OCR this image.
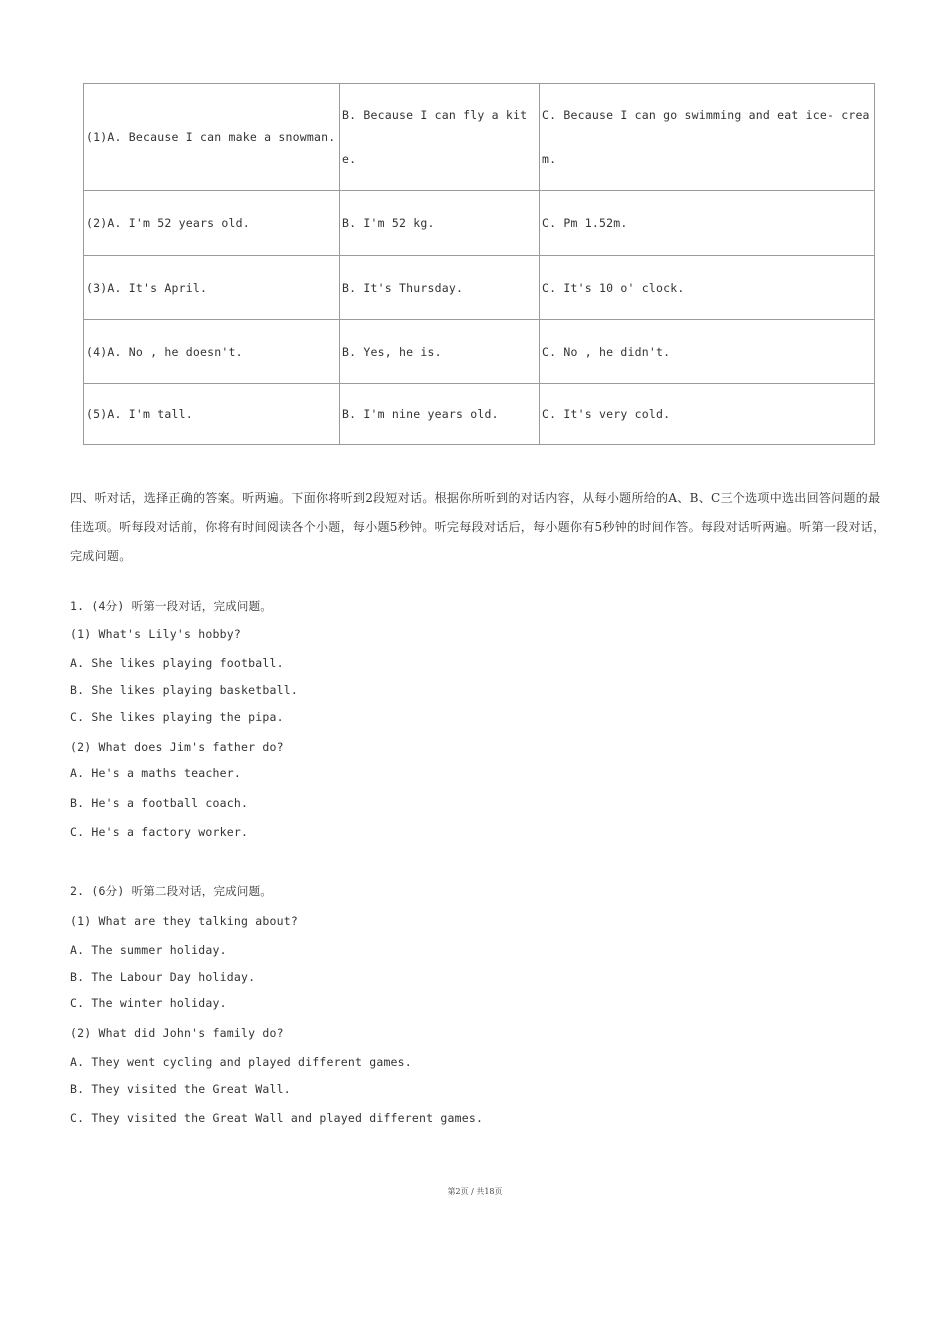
(1)A. Because I can make a snowman.	B. Because I can fly a kite.	C. Because I can go swimming and eat ice- cream.

(2)A. I'm 52 years old.	B. I'm 52 kg.	C. Pm 1.52m.
(3)A. It's April.	B. It's Thursday.	C. It's 10 o' clock.
(4)A. No , he doesn't.	B. Yes, he is.	C. No , he didn't.
(5)A. I'm tall.	B. I'm nine years old.	C. It's very cold.
四、听对话，选择正确的答案。听两遍。下面你将听到2段短对话。根据你所听到的对话内容，从每小题所给的A、B、C三个选项中选出回答问题的最佳选项。听每段对话前，你将有时间阅读各个小题，每小题5秒钟。听完每段对话后，每小题你有5秒钟的时间作答。每段对话听两遍。听第一段对话，完成问题。
1. (4分) 听第一段对话，完成问题。
(1) What's Lily's hobby?
A. She likes playing football.
B. She likes playing basketball.
C. She likes playing the pipa.
(2) What does Jim's father do?
A. He's a maths teacher.
B. He's a football coach.
C. He's a factory worker.
2. (6分) 听第二段对话，完成问题。
(1) What are they talking about?
A. The summer holiday.
B. The Labour Day holiday.
C. The winter holiday.
(2) What did John's family do?
A. They went cycling and played different games.
B. They visited the Great Wall.
C. They visited the Great Wall and played different games.
第2页 / 共18页
